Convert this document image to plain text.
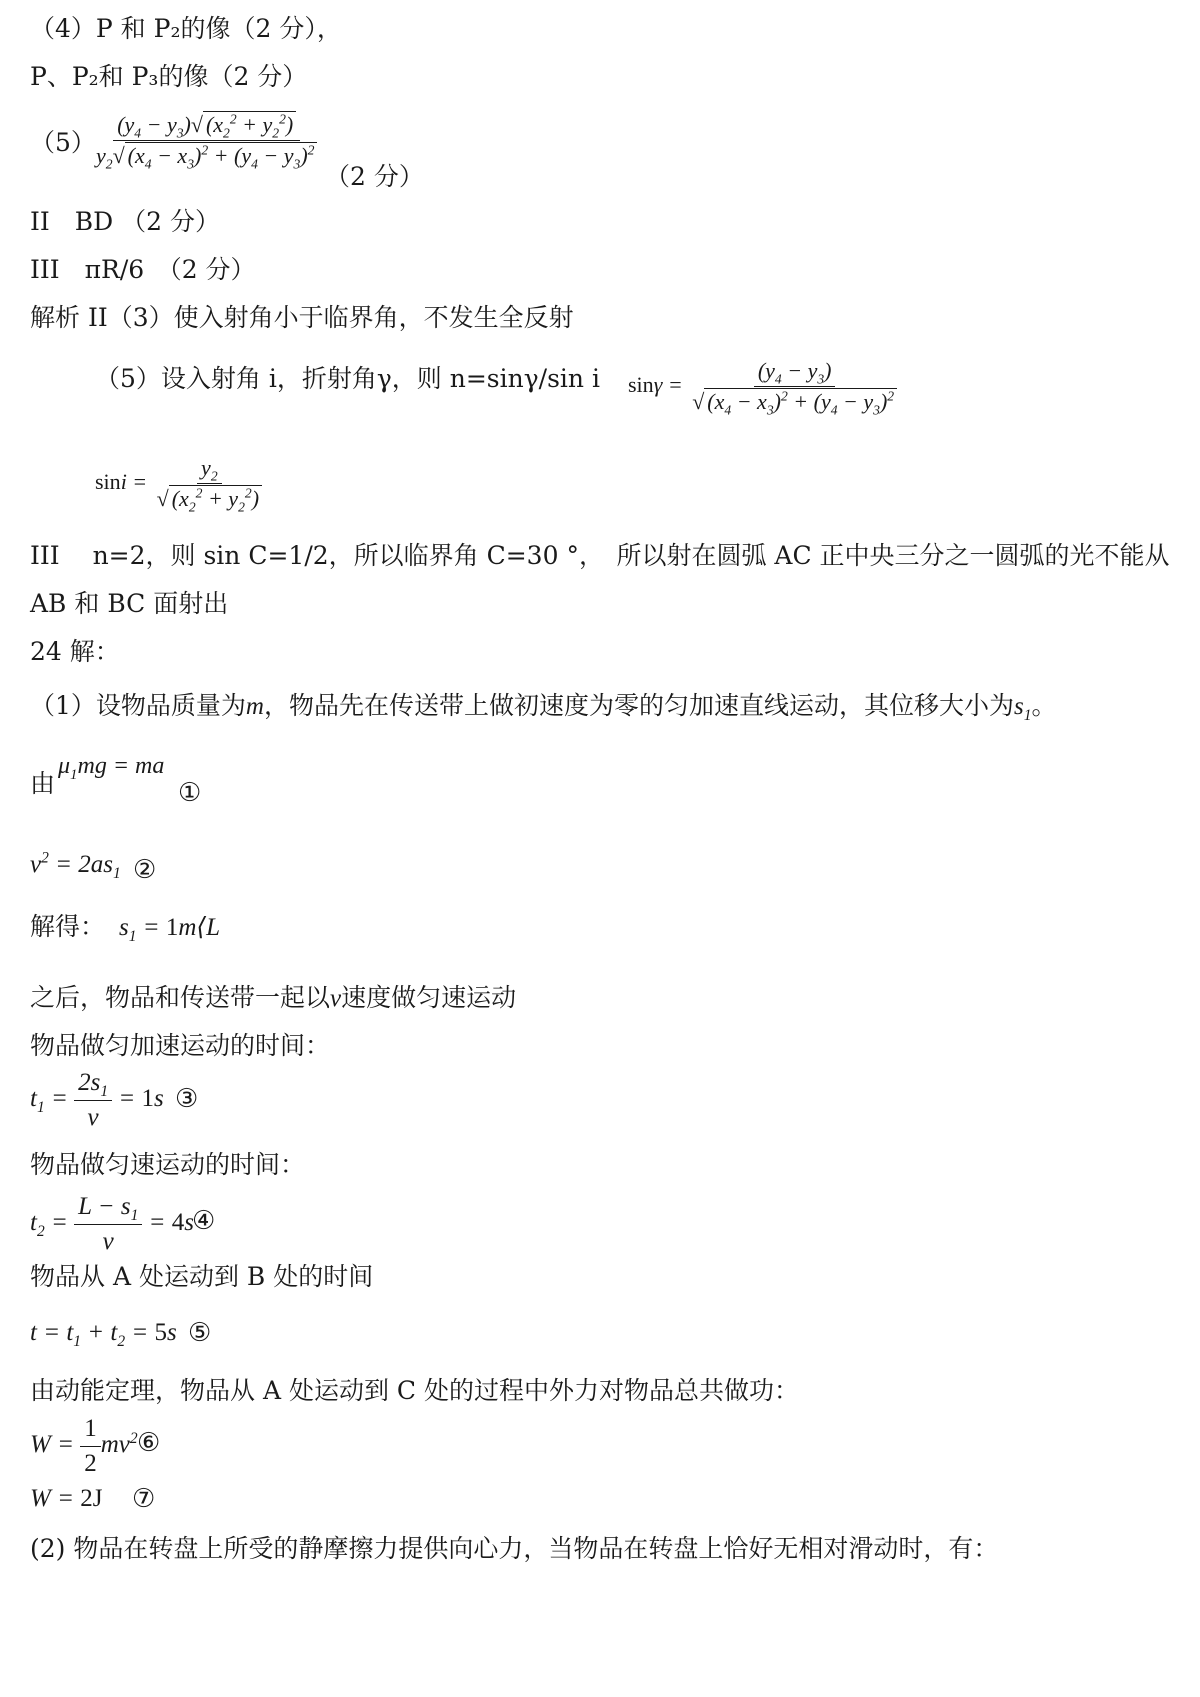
（4）P 和 P₂的像（2 分），
P、P₂和 P₃的像（2 分）
（5）
$\frac{(y_4 - y_3)√ (x_2^2 + y_2^2)}{y_2√ (x_4 - x_3)^2 + (y_4 - y_3)^2}$
（2 分）
II　BD （2 分）
III　πR/6　（2 分）
解析 II（3）使入射角小于临界角，不发生全反射
（5）设入射角 i，折射角γ，则 n=sinγ/sin i $\sin\gamma = \frac{(y_4 - y_3)}{√ (x_4 - x_3)^2 + (y_4 - y_3)^2}$
$\sin i = \frac{y_2}{√ (x_2^2 + y_2^2)}$
III　 n=2，则 sin C=1/2，所以临界角 C=30 °，　所以射在圆弧 AC 正中央三分之一圆弧的光不能从
AB 和 BC 面射出
24 解：
（1）设物品质量为m，物品先在传送带上做初速度为零的匀加速直线运动，其位移大小为$s_1$。
由
$\mu_1mg$ = ma
①
$v^2 = 2as_1$ ②
解得： $s_1$ = 1m⟨L
之后，物品和传送带一起以v速度做匀速运动
物品做匀加速运动的时间：
$t_1 = \frac{2s_1}{v} = 1s$ ③
物品做匀速运动的时间：
$t_2 = \frac{L - s_1}{v} = 4s$
④
物品从 A 处运动到 B 处的时间
$t = t_1 + t_2 = 5s$ ⑤
由动能定理，物品从 A 处运动到 C 处的过程中外力对物品总共做功：
$W = \frac{1}{2} mv^2$ ⑥
W = 2J ⑦
(2) 物品在转盘上所受的静摩擦力提供向心力，当物品在转盘上恰好无相对滑动时，有：
